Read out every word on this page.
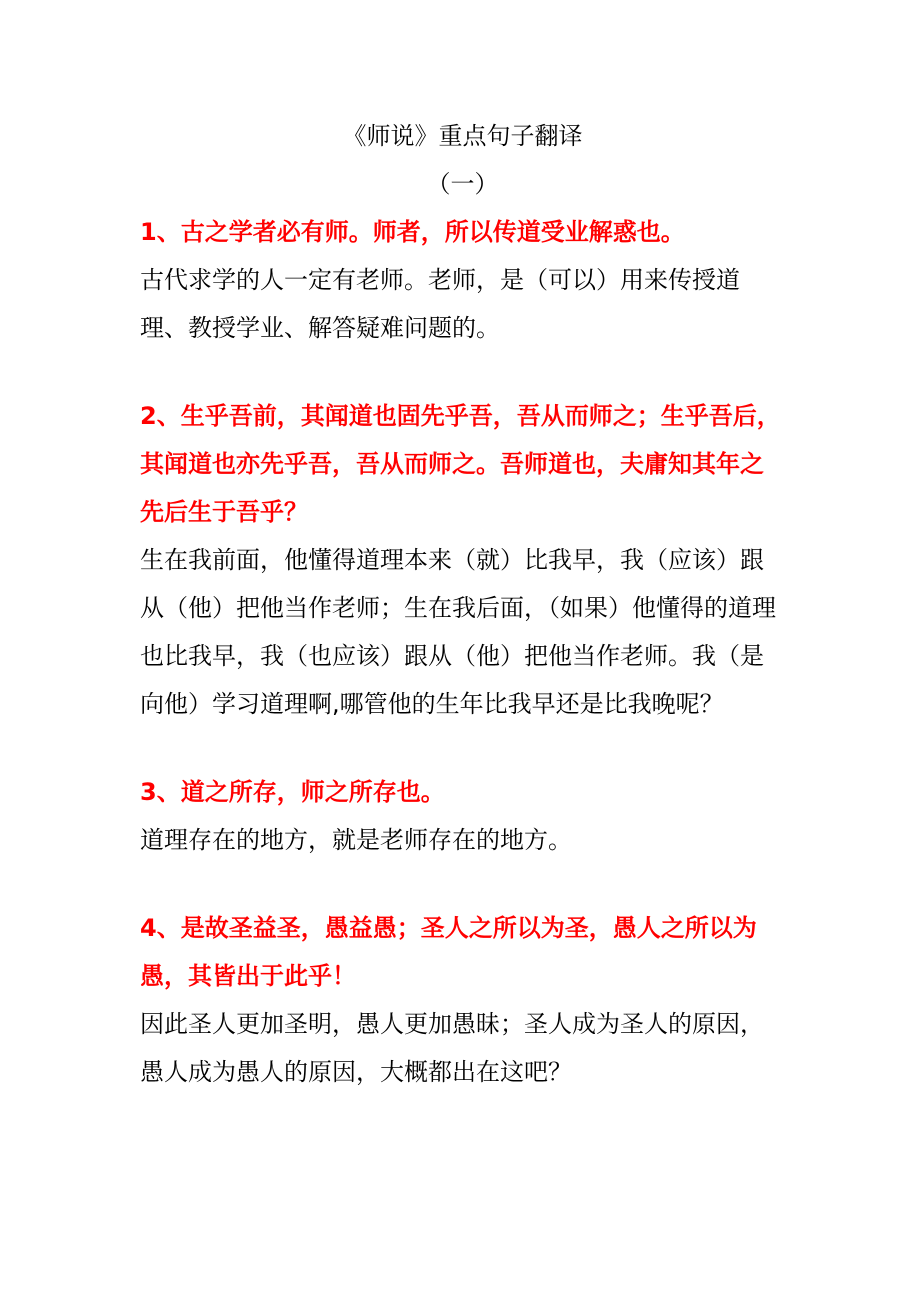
《师说》重点句子翻译
（一）

1、古之学者必有师。师者，所以传道受业解惑也。

古代求学的人一定有老师。老师，是（可以）用来传授道理、教授学业、解答疑难问题的。

2、生乎吾前，其闻道也固先乎吾，吾从而师之；生乎吾后，其闻道也亦先乎吾，吾从而师之。吾师道也，夫庸知其年之先后生于吾乎？

生在我前面，他懂得道理本来（就）比我早，我（应该）跟从（他）把他当作老师；生在我后面，（如果）他懂得的道理也比我早，我（也应该）跟从（他）把他当作老师。我（是向他）学习道理啊,哪管他的生年比我早还是比我晚呢？

3、道之所存，师之所存也。

道理存在的地方，就是老师存在的地方。

4、是故圣益圣，愚益愚；圣人之所以为圣，愚人之所以为愚，其皆出于此乎！

因此圣人更加圣明，愚人更加愚昧；圣人成为圣人的原因，愚人成为愚人的原因，大概都出在这吧？
